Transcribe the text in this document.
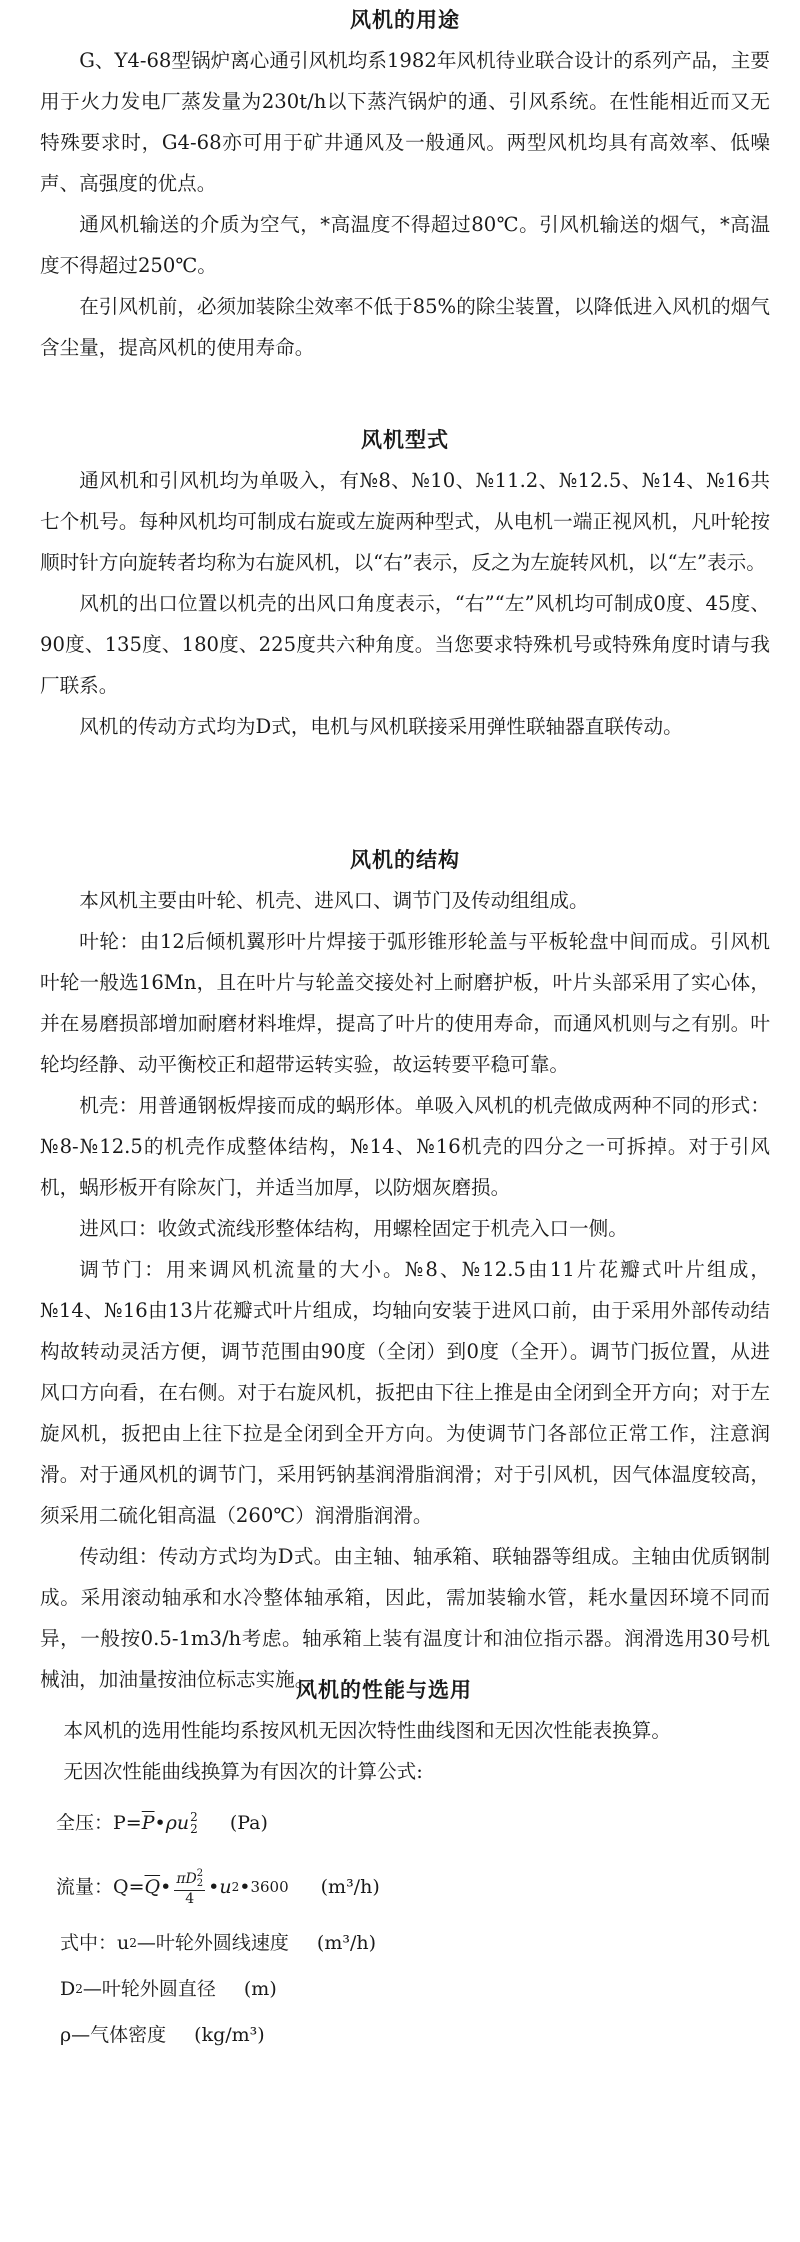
风机的用途

G、Y4-68型锅炉离心通引风机均系1982年风机待业联合设计的系列产品，主要用于火力发电厂蒸发量为230t/h以下蒸汽锅炉的通、引风系统。在性能相近而又无特殊要求时，G4-68亦可用于矿井通风及一般通风。两型风机均具有高效率、低噪声、高强度的优点。

通风机输送的介质为空气，*高温度不得超过80℃。引风机输送的烟气，*高温度不得超过250℃。

在引风机前，必须加装除尘效率不低于85%的除尘装置，以降低进入风机的烟气含尘量，提高风机的使用寿命。

风机型式

通风机和引风机均为单吸入，有№8、№10、№11.2、№12.5、№14、№16共七个机号。每种风机均可制成右旋或左旋两种型式，从电机一端正视风机，凡叶轮按顺时针方向旋转者均称为右旋风机，以“右”表示，反之为左旋转风机，以“左”表示。

风机的出口位置以机壳的出风口角度表示，“右”“左”风机均可制成0度、45度、90度、135度、180度、225度共六种角度。当您要求特殊机号或特殊角度时请与我厂联系。

风机的传动方式均为D式，电机与风机联接采用弹性联轴器直联传动。

风机的结构

本风机主要由叶轮、机壳、进风口、调节门及传动组组成。

叶轮：由12后倾机翼形叶片焊接于弧形锥形轮盖与平板轮盘中间而成。引风机叶轮一般选16Mn，且在叶片与轮盖交接处衬上耐磨护板，叶片头部采用了实心体，并在易磨损部增加耐磨材料堆焊，提高了叶片的使用寿命，而通风机则与之有别。叶轮均经静、动平衡校正和超带运转实验，故运转要平稳可靠。

机壳：用普通钢板焊接而成的蜗形体。单吸入风机的机壳做成两种不同的形式：№8-№12.5的机壳作成整体结构，№14、№16机壳的四分之一可拆掉。对于引风机，蜗形板开有除灰门，并适当加厚，以防烟灰磨损。

进风口：收敛式流线形整体结构，用螺栓固定于机壳入口一侧。

调节门：用来调风机流量的大小。№8、№12.5由11片花瓣式叶片组成，№14、№16由13片花瓣式叶片组成，均轴向安装于进风口前，由于采用外部传动结构故转动灵活方便，调节范围由90度（全闭）到0度（全开）。调节门扳位置，从进风口方向看，在右侧。对于右旋风机，扳把由下往上推是由全闭到全开方向；对于左旋风机，扳把由上往下拉是全闭到全开方向。为使调节门各部位正常工作，注意润滑。对于通风机的调节门，采用钙钠基润滑脂润滑；对于引风机，因气体温度较高，须采用二硫化钼高温（260℃）润滑脂润滑。

传动组：传动方式均为D式。由主轴、轴承箱、联轴器等组成。主轴由优质钢制成。采用滚动轴承和水冷整体轴承箱，因此，需加装输水管，耗水量因环境不同而异，一般按0.5-1m3/h考虑。轴承箱上装有温度计和油位指示器。润滑选用30号机械油，加油量按油位标志实施。

风机的性能与选用

本风机的选用性能均系按风机无因次特性曲线图和无因次性能表换算。

无因次性能曲线换算为有因次的计算公式:

全压： $P= \overline{P}$ • ρ u 2
2 (Pa)
流量： $Q= \overline{Q}$ • πD 2
2
4 • u 2 • 3600 (m³/h)
式中：u 2 —叶轮外圆线速度 (m³/h)
D 2 —叶轮外圆直径 (m)
ρ—气体密度 (kg/m³)
